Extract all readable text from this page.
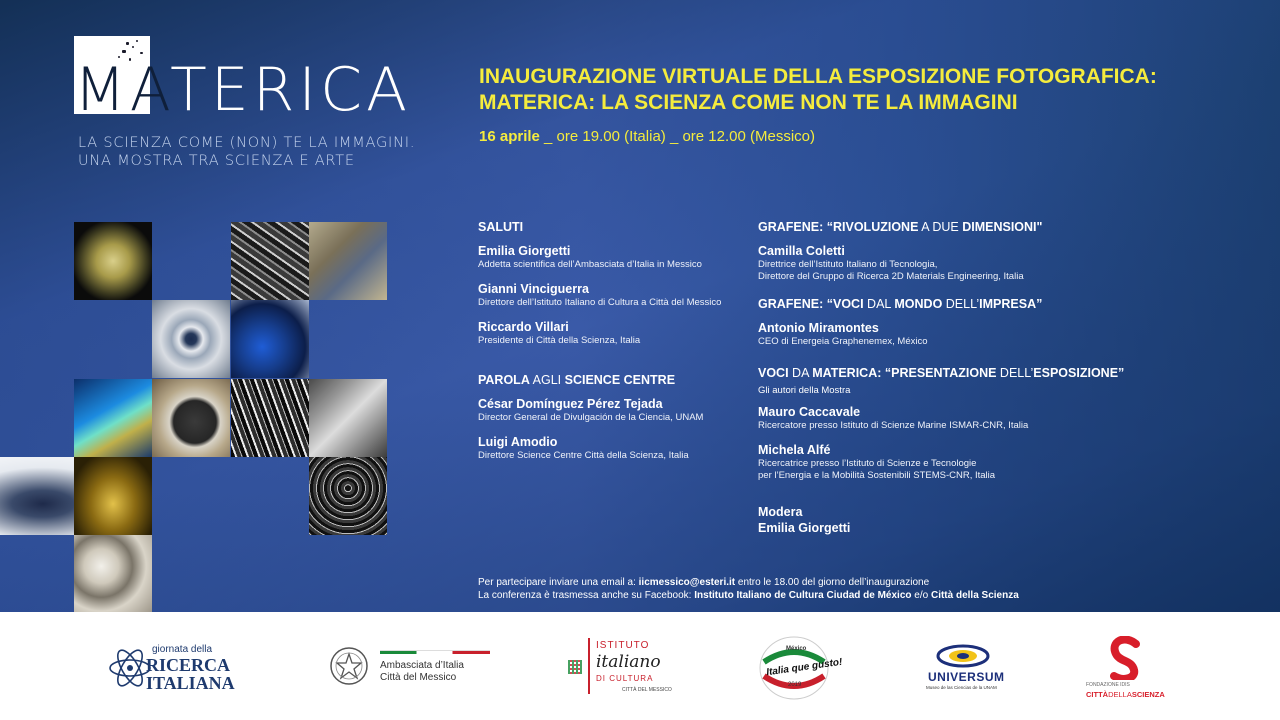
MATERICA
LA SCIENZA COME (NON) TE LA IMMAGINI.
UNA MOSTRA TRA SCIENZA E ARTE
INAUGURAZIONE VIRTUALE DELLA ESPOSIZIONE FOTOGRAFICA:
MATERICA: LA SCIENZA COME NON TE LA IMMAGINI
16 aprile _ ore 19.00 (Italia) _ ore 12.00 (Messico)
SALUTI
Emilia Giorgetti
Addetta scientifica dell’Ambasciata d’Italia in Messico
Gianni Vinciguerra
Direttore dell’Istituto Italiano di Cultura a Città del Messico
Riccardo Villari
Presidente di Città della Scienza, Italia
PAROLA AGLI SCIENCE CENTRE
César Domínguez Pérez Tejada
Director General de Divulgación de la Ciencia, UNAM
Luigi Amodio
Direttore Science Centre Città della Scienza, Italia
GRAFENE: “RIVOLUZIONE A DUE DIMENSIONI"
Camilla Coletti
Direttrice dell’Istituto Italiano di Tecnologia,
Direttore del Gruppo di Ricerca 2D Materials Engineering, Italia
GRAFENE: “VOCI DAL MONDO DELL’IMPRESA”
Antonio Miramontes
CEO di Energeia Graphenemex, México
VOCI DA MATERICA: “PRESENTAZIONE DELL’ESPOSIZIONE”
Gli autori della Mostra
Mauro Caccavale
Ricercatore presso Istituto di Scienze Marine ISMAR-CNR, Italia
Michela Alfé
Ricercatrice presso l’Istituto di Scienze e Tecnologie
per l’Energia e la Mobilità Sostenibili STEMS-CNR, Italia
Modera
Emilia Giorgetti
Per partecipare inviare una email a: iicmessico@esteri.it entro le 18.00 del giorno dell’inaugurazione
La conferenza è trasmessa anche su Facebook: Instituto Italiano de Cultura Ciudad de México e/o Città della Scienza
giornata della
RICERCA
ITALIANA
Ambasciata d’Italia
Città del Messico
ISTITUTO
italiano
DI CULTURA
CITTÀ DEL MESSICO
México
Italia que gusto!
2019
UNIVERSUM
Museo de las Ciencias de la UNAM	FONDAZIONE IDIS
CITTÀDELLASCIENZA
